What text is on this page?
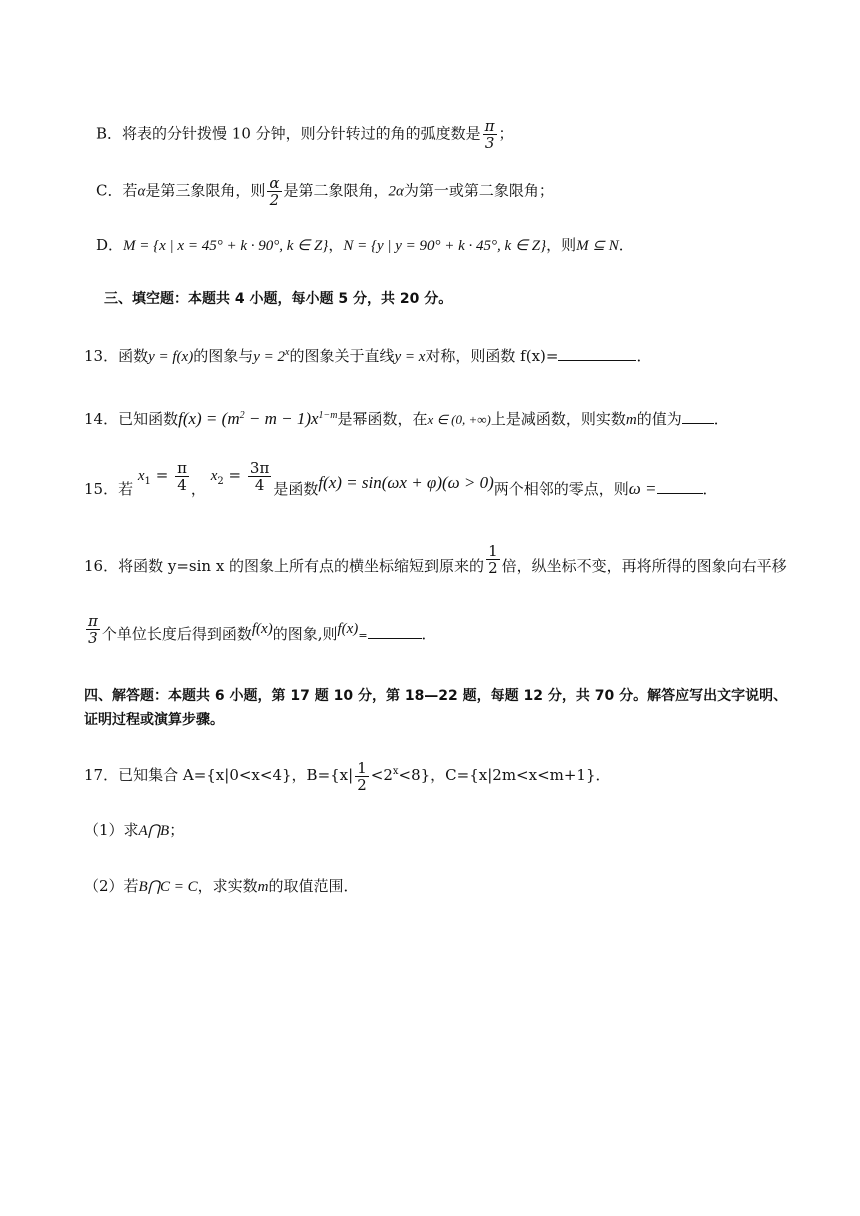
B．将表的分针拨慢 10 分钟，则分针转过的角的弧度数是 $\frac{\pi}{3}$ ；
C．若α是第三象限角，则 $\frac{\alpha}{2}$ 是第二象限角，2α为第一或第二象限角；
D．M = {x | x = 45° + k · 90°, k ∈ Z}，N = {y | y = 90° + k · 45°, k ∈ Z}，则M ⊆ N．
三、填空题：本题共 4 小题，每小题 5 分，共 20 分。
13．函数y = f(x)的图象与$y = 2^x$的图象关于直线y = x对称，则函数 f(x)=	．
14．已知函数$f(x) = (m^2 - m - 1)x^{1-m}$是幂函数，在x ∈ (0, +∞)上是减函数，则实数m的值为 ．
15．若 $x_1 = \frac{\pi}{4}$ ， $x_2 = \frac{3\pi}{4}$ 是函数f(x) = sin(ωx + φ)(ω > 0)两个相邻的零点，则ω =	．
16．将函数 y=sin x 的图象上所有点的横坐标缩短到原来的 $\frac{1}{2}$ 倍，纵坐标不变，再将所得的图象向右平移
$\frac{\pi}{3}$ 个单位长度后得到函数f(x)的图象,则f(x)=	．
四、解答题：本题共 6 小题，第 17 题 10 分，第 18—22 题，每题 12 分，共 70 分。解答应写出文字说明、
证明过程或演算步骤。
17．已知集合 A={x|0<x<4}，$B=\{x| \frac{1}{2} <2^x<8\}$，C={x|2m<x<m+1}．
（1）求A⋂B；
（2）若B⋂C = C，求实数m的取值范围．
